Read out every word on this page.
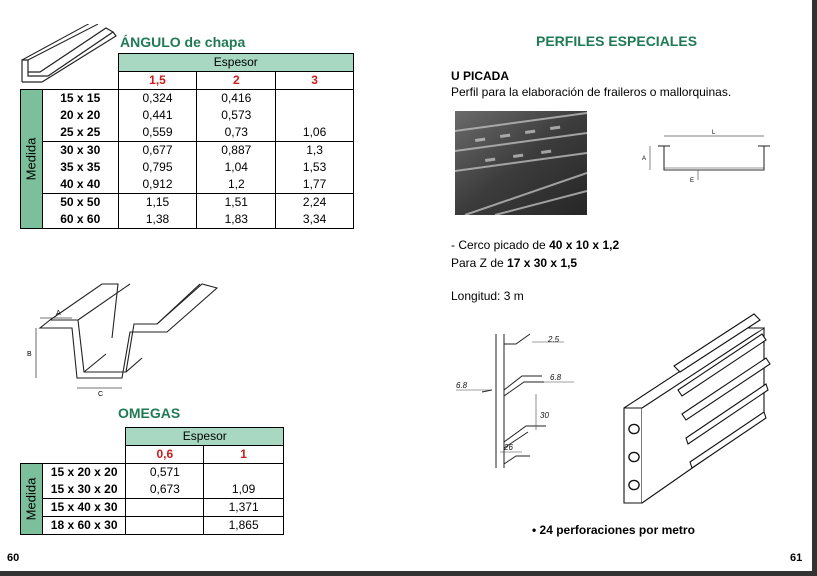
ÁNGULO de chapa
		Espesor		
		1,5	2	3

Medida	15 x 15	0,324	0,416	
	20 x 20	0,441	0,573	
	25 x 25	0,559	0,73	1,06
	30 x 30	0,677	0,887	1,3
	35 x 35	0,795	1,04	1,53
	40 x 40	0,912	1,2	1,77
	50 x 50	1,15	1,51	2,24
	60 x 60	1,38	1,83	3,34
A
B
C
OMEGAS
		Espesor	
		0,6	1

Medida	15 x 20 x 20	0,571	
	15 x 30 x 20	0,673	1,09
	15 x 40 x 30		1,371
	18 x 60 x 30		1,865
60
PERFILES ESPECIALES
U PICADA
Perfil para la elaboración de fraileros o mallorquinas.
L
A
E
- Cerco picado de 40 x 10 x 1,2
Para Z de 17 x 30 x 1,5
Longitud: 3 m
2.5
6.8
6.8
30
26
• 24 perforaciones por metro
61
